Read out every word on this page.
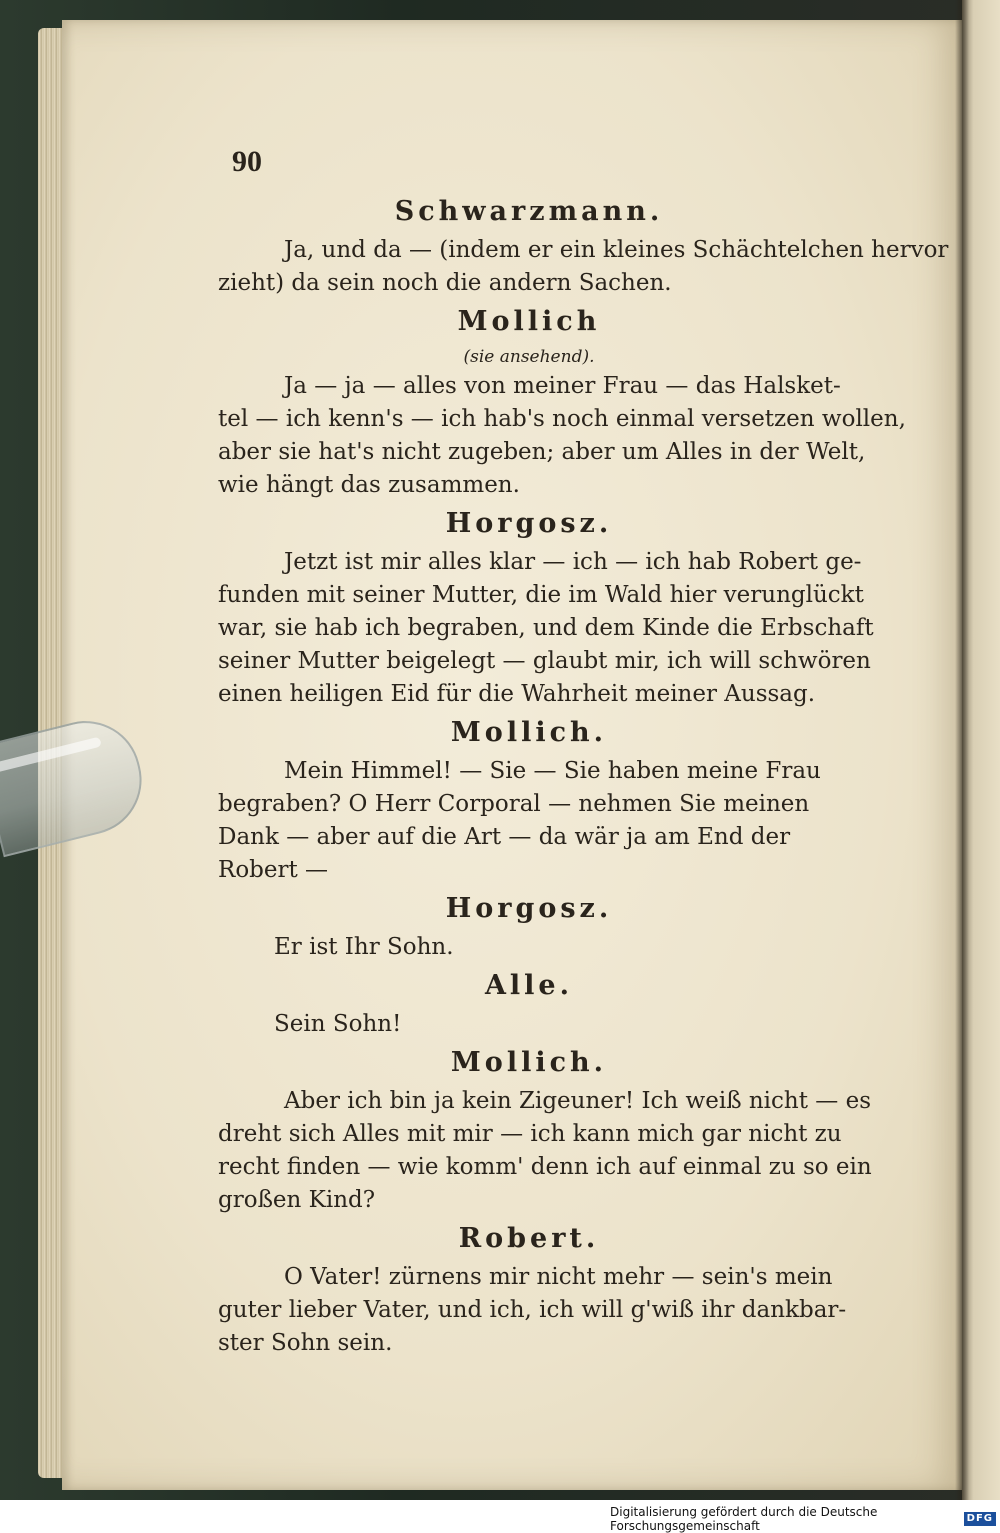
90

Schwarzmann.

Ja, und da — (indem er ein kleines Schächtelchen hervor

zieht) da sein noch die andern Sachen.

Mollich

(sie ansehend).

Ja — ja — alles von meiner Frau — das Halsket-

tel — ich kenn's — ich hab's noch einmal versetzen wollen,

aber sie hat's nicht zugeben; aber um Alles in der Welt,

wie hängt das zusammen.

Horgosz.

Jetzt ist mir alles klar — ich — ich hab Robert ge-

funden mit seiner Mutter, die im Wald hier verunglückt

war, sie hab ich begraben, und dem Kinde die Erbschaft

seiner Mutter beigelegt — glaubt mir, ich will schwören

einen heiligen Eid für die Wahrheit meiner Aussag.

Mollich.

Mein Himmel! — Sie — Sie haben meine Frau

begraben? O Herr Corporal — nehmen Sie meinen

Dank — aber auf die Art — da wär ja am End der

Robert —

Horgosz.

Er ist Ihr Sohn.

Alle.

Sein Sohn!

Mollich.

Aber ich bin ja kein Zigeuner! Ich weiß nicht — es

dreht sich Alles mit mir — ich kann mich gar nicht zu

recht finden — wie komm' denn ich auf einmal zu so ein

großen Kind?

Robert.

O Vater! zürnens mir nicht mehr — sein's mein

guter lieber Vater, und ich, ich will g'wiß ihr dankbar-

ster Sohn sein.

Digitalisierung gefördert durch die Deutsche Forschungsgemeinschaft
DFG
